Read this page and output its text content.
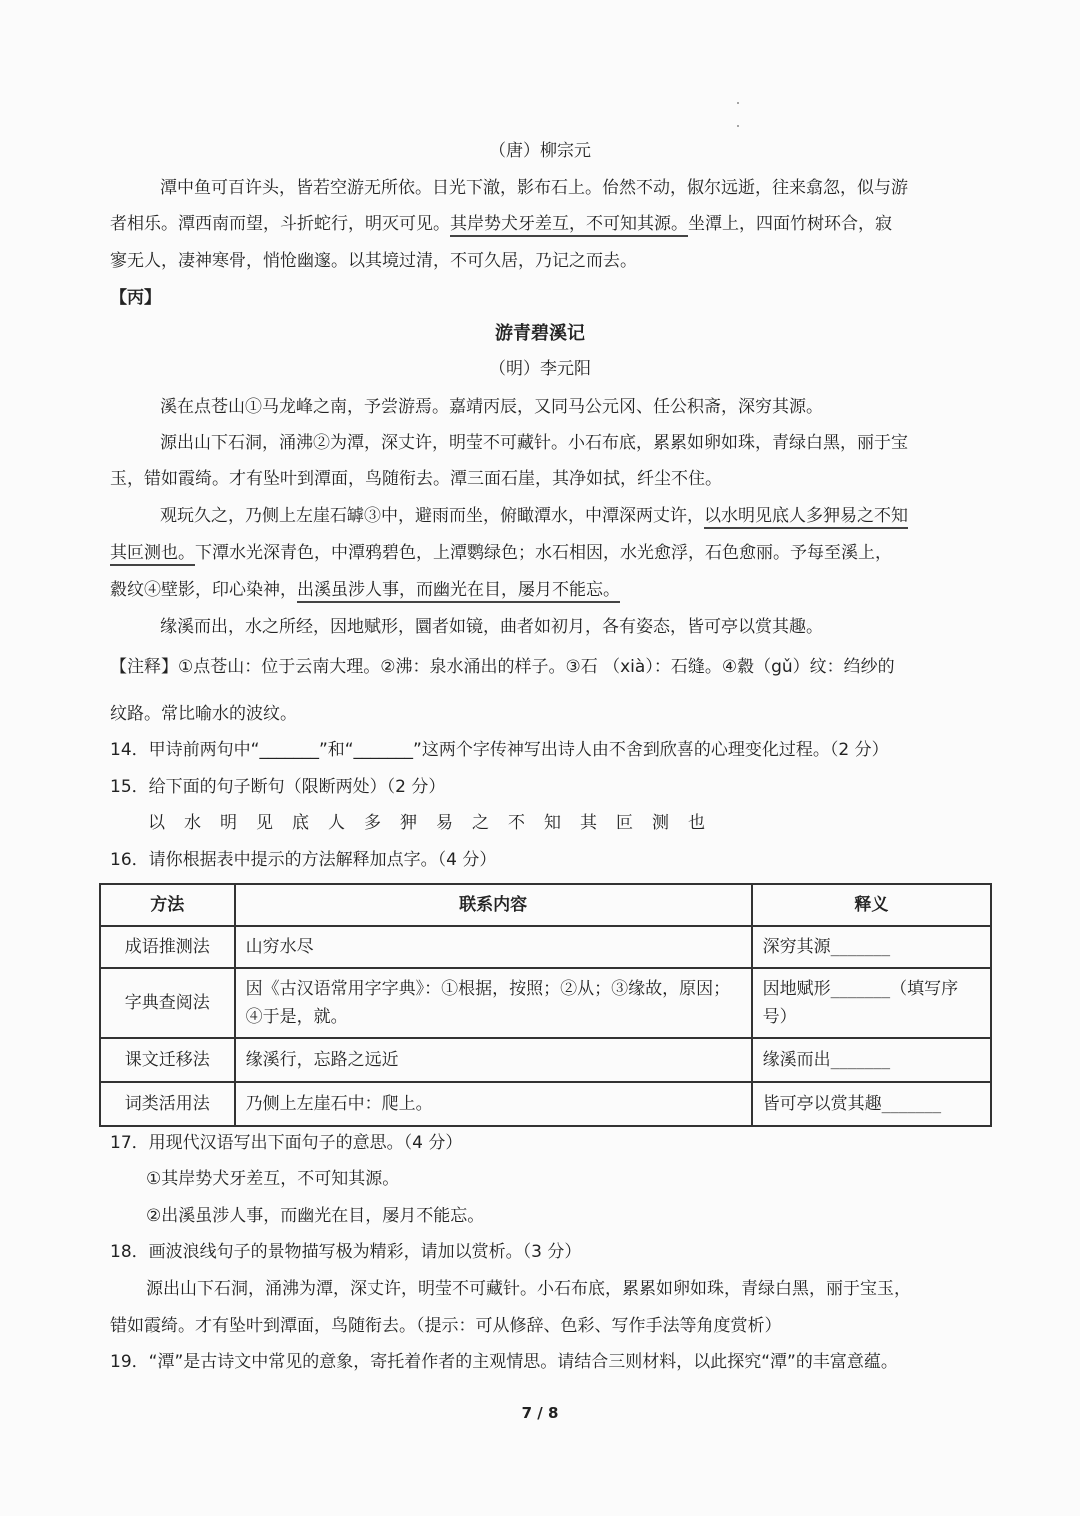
（唐）柳宗元
潭中鱼可百许头，皆若空游无所依。日光下澈，影布石上。佁然不动，俶尔远逝，往来翕忽，似与游
者相乐。潭西南而望，斗折蛇行，明灭可见。其岸势犬牙差互，不可知其源。坐潭上，四面竹树环合，寂
寥无人，凄神寒骨，悄怆幽邃。以其境过清，不可久居，乃记之而去。
【丙】
游青碧溪记
（明）李元阳
溪在点苍山①马龙峰之南，予尝游焉。嘉靖丙辰，又同马公元冈、任公积斋，深穷其源。
源出山下石洞，涌沸②为潭，深丈许，明莹不可藏针。小石布底，累累如卵如珠，青绿白黑，丽于宝
玉，错如霞绮。才有坠叶到潭面，鸟随衔去。潭三面石崖，其净如拭，纤尘不住。
观玩久之，乃侧上左崖石罅③中，避雨而坐，俯瞰潭水，中潭深两丈许，以水明见底人多狎易之不知
其叵测也。下潭水光深青色，中潭鸦碧色，上潭鹦绿色；水石相因，水光愈浮，石色愈丽。予每至溪上，
縠纹④壁影，印心染神，出溪虽涉人事，而幽光在目，屡月不能忘。
缘溪而出，水之所经，因地赋形，圜者如镜，曲者如初月，各有姿态，皆可亭以赏其趣。
【注释】①点苍山：位于云南大理。②沸：泉水涌出的样子。③石 （xià）：石缝。④縠（gǔ）纹：绉纱的
纹路。常比喻水的波纹。
14．甲诗前两句中“_______”和“_______”这两个字传神写出诗人由不舍到欣喜的心理变化过程。（2 分）
15．给下面的句子断句（限断两处）（2 分）
以水明见底人多狎易之不知其叵测也
16．请你根据表中提示的方法解释加点字。（4 分）
方法	联系内容	释义
成语推测法	山穷水尽	深穷其源_______
字典查阅法	因《古汉语常用字字典》：①根据，按照；②从；③缘故，原因；④于是，就。	因地赋形_______（填写序号）
课文迁移法	缘溪行，忘路之远近	缘溪而出_______
词类活用法	乃侧上左崖石中：爬上。	皆可亭以赏其趣_______
17．用现代汉语写出下面句子的意思。（4 分）
①其岸势犬牙差互，不可知其源。
②出溪虽涉人事，而幽光在目，屡月不能忘。
18．画波浪线句子的景物描写极为精彩，请加以赏析。（3 分）
源出山下石洞，涌沸为潭，深丈许，明莹不可藏针。小石布底，累累如卵如珠，青绿白黑，丽于宝玉，
错如霞绮。才有坠叶到潭面，鸟随衔去。（提示：可从修辞、色彩、写作手法等角度赏析）
19．“潭”是古诗文中常见的意象，寄托着作者的主观情思。请结合三则材料，以此探究“潭”的丰富意蕴。
7 / 8
